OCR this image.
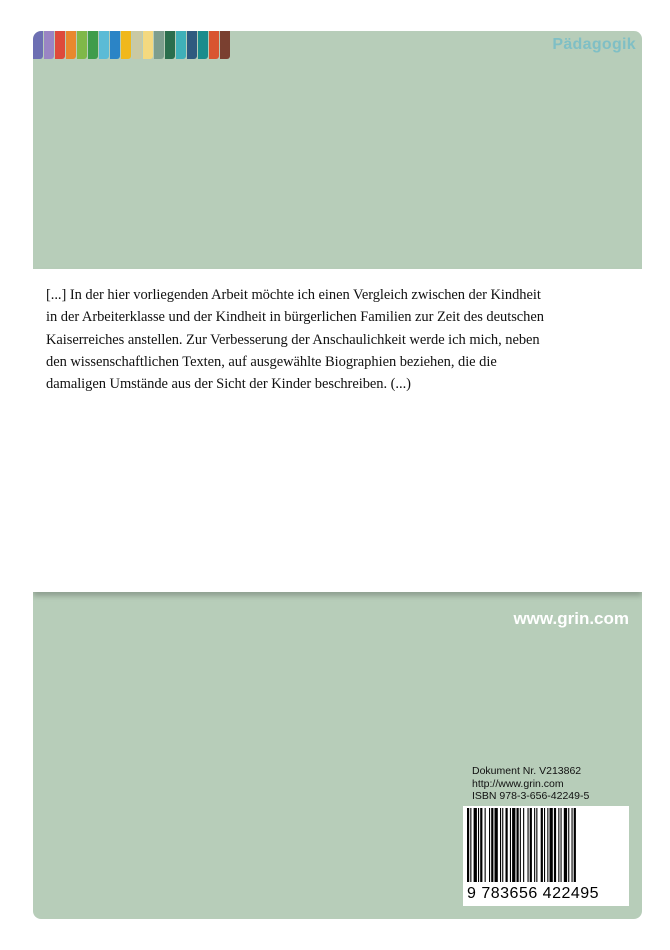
Pädagogik

[...] In der hier vorliegenden Arbeit möchte ich einen Vergleich zwischen der Kindheit in der Arbeiterklasse und der Kindheit in bürgerlichen Familien zur Zeit des deutschen Kaiserreiches anstellen. Zur Verbesserung der Anschaulichkeit werde ich mich, neben den wissenschaftlichen Texten, auf ausgewählte Biographien beziehen, die die damaligen Umstände aus der Sicht der Kinder beschreiben. (...)

www.grin.com
Dokument Nr. V213862
http://www.grin.com
ISBN 978-3-656-42249-5
9 783656 422495
